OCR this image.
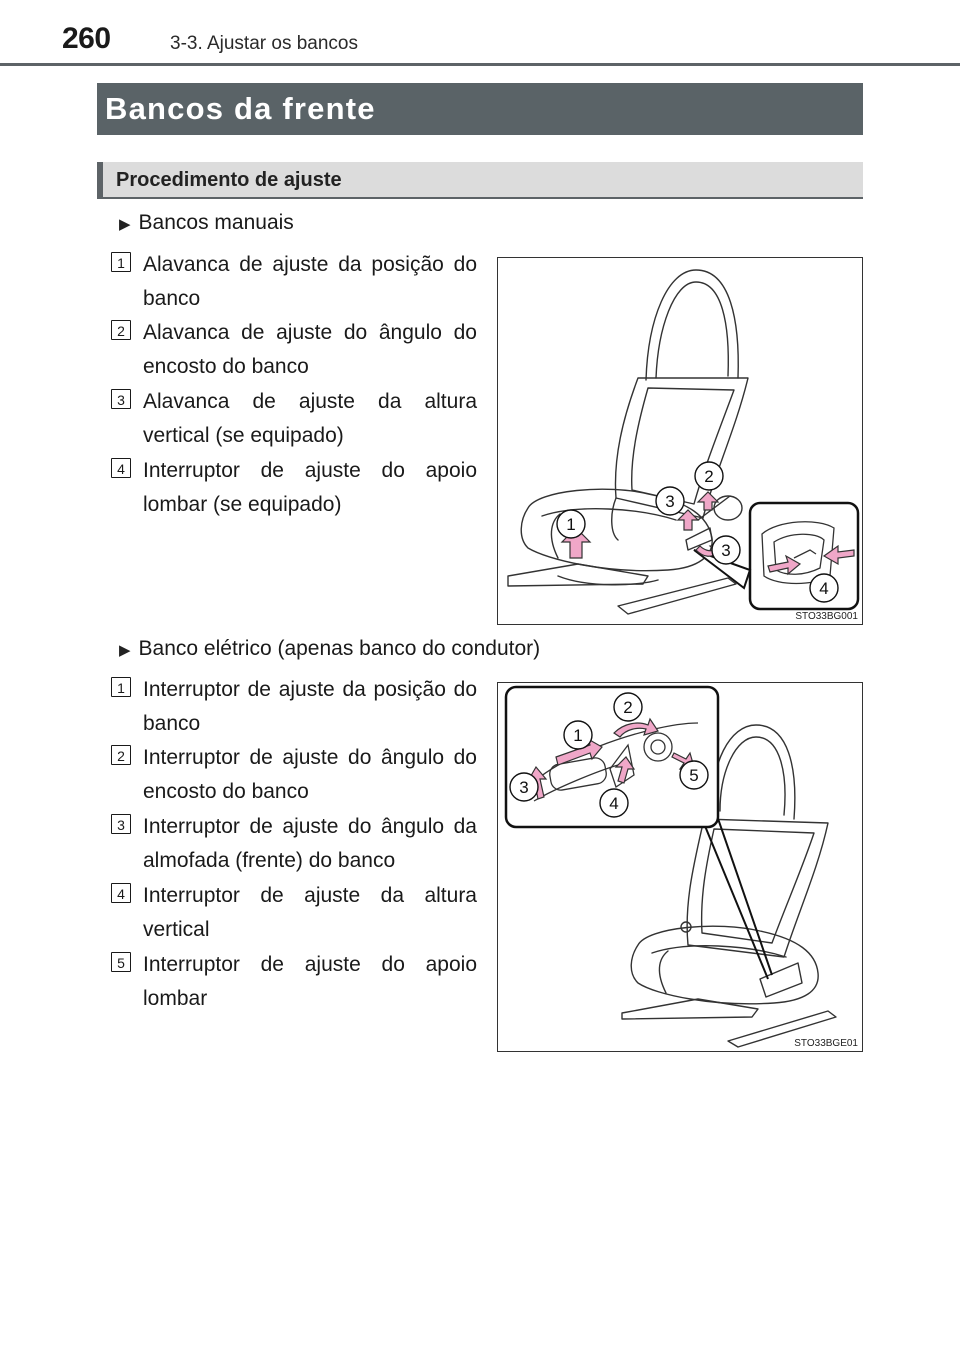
260	3-3. Ajustar os bancos
Bancos da frente
Procedimento de ajuste
▶ Bancos manuais
1 Alavanca de ajuste da posição do banco
2 Alavanca de ajuste do ângulo do encosto do banco
3 Alavanca de ajuste da altura vertical (se equipado)
4 Interruptor de ajuste do apoio lombar (se equipado)
1
2
3
3
4
STO33BG001
▶ Banco elétrico (apenas banco do condutor)
1 Interruptor de ajuste da posição do banco
2 Interruptor de ajuste do ângulo do encosto do banco
3 Interruptor de ajuste do ângulo da almofada (frente) do banco
4 Interruptor de ajuste da altura vertical
5 Interruptor de ajuste do apoio lombar
1
2
3
4
5
STO33BGE01
